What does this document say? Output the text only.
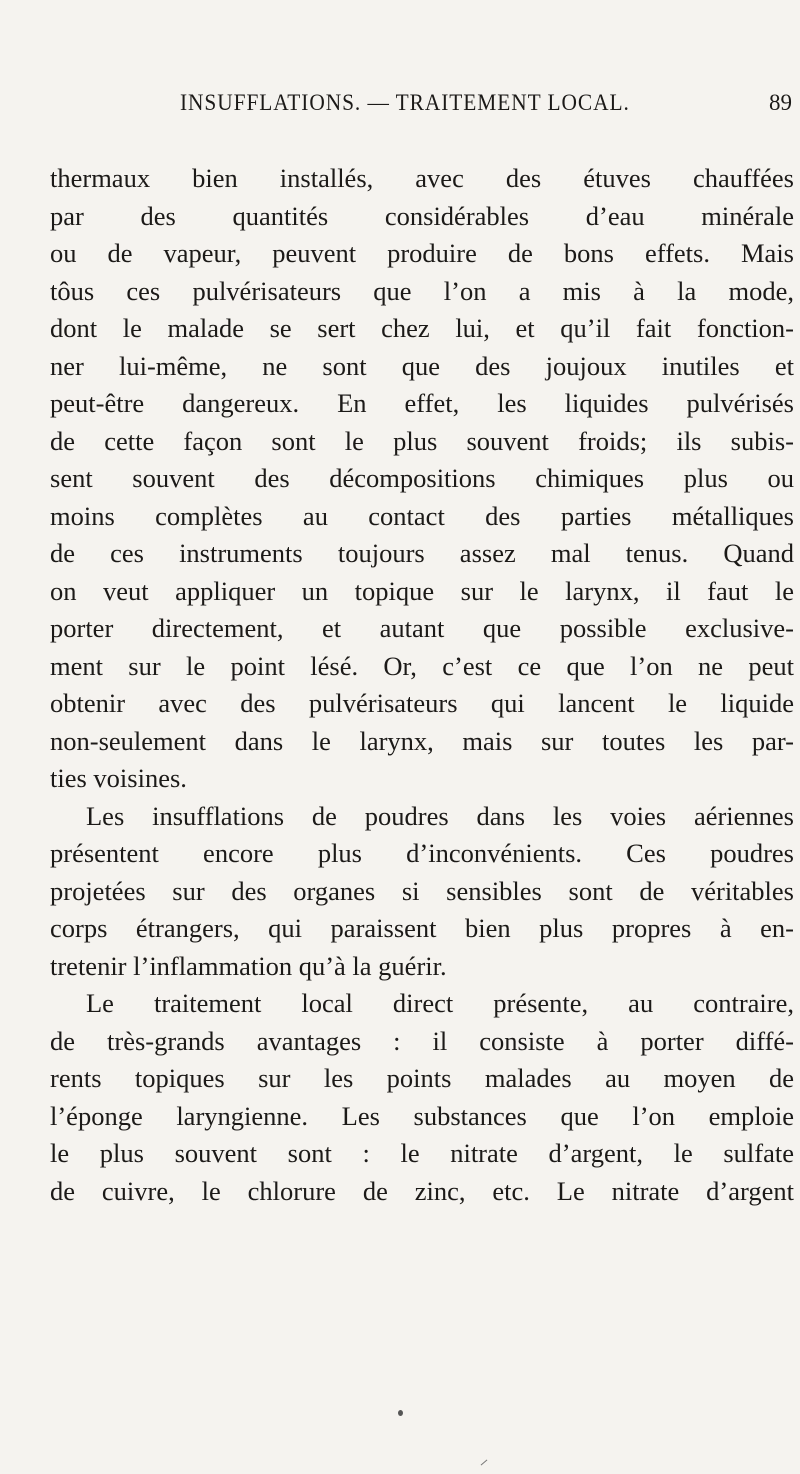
INSUFFLATIONS. — TRAITEMENT LOCAL.	89
thermaux bien installés, avec des étuves chauffées
par des quantités considérables d’eau minérale
ou de vapeur, peuvent produire de bons effets. Mais
tôus ces pulvérisateurs que l’on a mis à la mode,
dont le malade se sert chez lui, et qu’il fait fonction-
ner lui-même, ne sont que des joujoux inutiles et
peut-être dangereux. En effet, les liquides pulvérisés
de cette façon sont le plus souvent froids; ils subis-
sent souvent des décompositions chimiques plus ou
moins complètes au contact des parties métalliques
de ces instruments toujours assez mal tenus. Quand
on veut appliquer un topique sur le larynx, il faut le
porter directement, et autant que possible exclusive-
ment sur le point lésé. Or, c’est ce que l’on ne peut
obtenir avec des pulvérisateurs qui lancent le liquide
non-seulement dans le larynx, mais sur toutes les par-
ties voisines.
Les insufflations de poudres dans les voies aériennes
présentent encore plus d’inconvénients. Ces poudres
projetées sur des organes si sensibles sont de véritables
corps étrangers, qui paraissent bien plus propres à en-
tretenir l’inflammation qu’à la guérir.
Le traitement local direct présente, au contraire,
de très-grands avantages : il consiste à porter diffé-
rents topiques sur les points malades au moyen de
l’éponge laryngienne. Les substances que l’on emploie
le plus souvent sont : le nitrate d’argent, le sulfate
de cuivre, le chlorure de zinc, etc. Le nitrate d’argent
